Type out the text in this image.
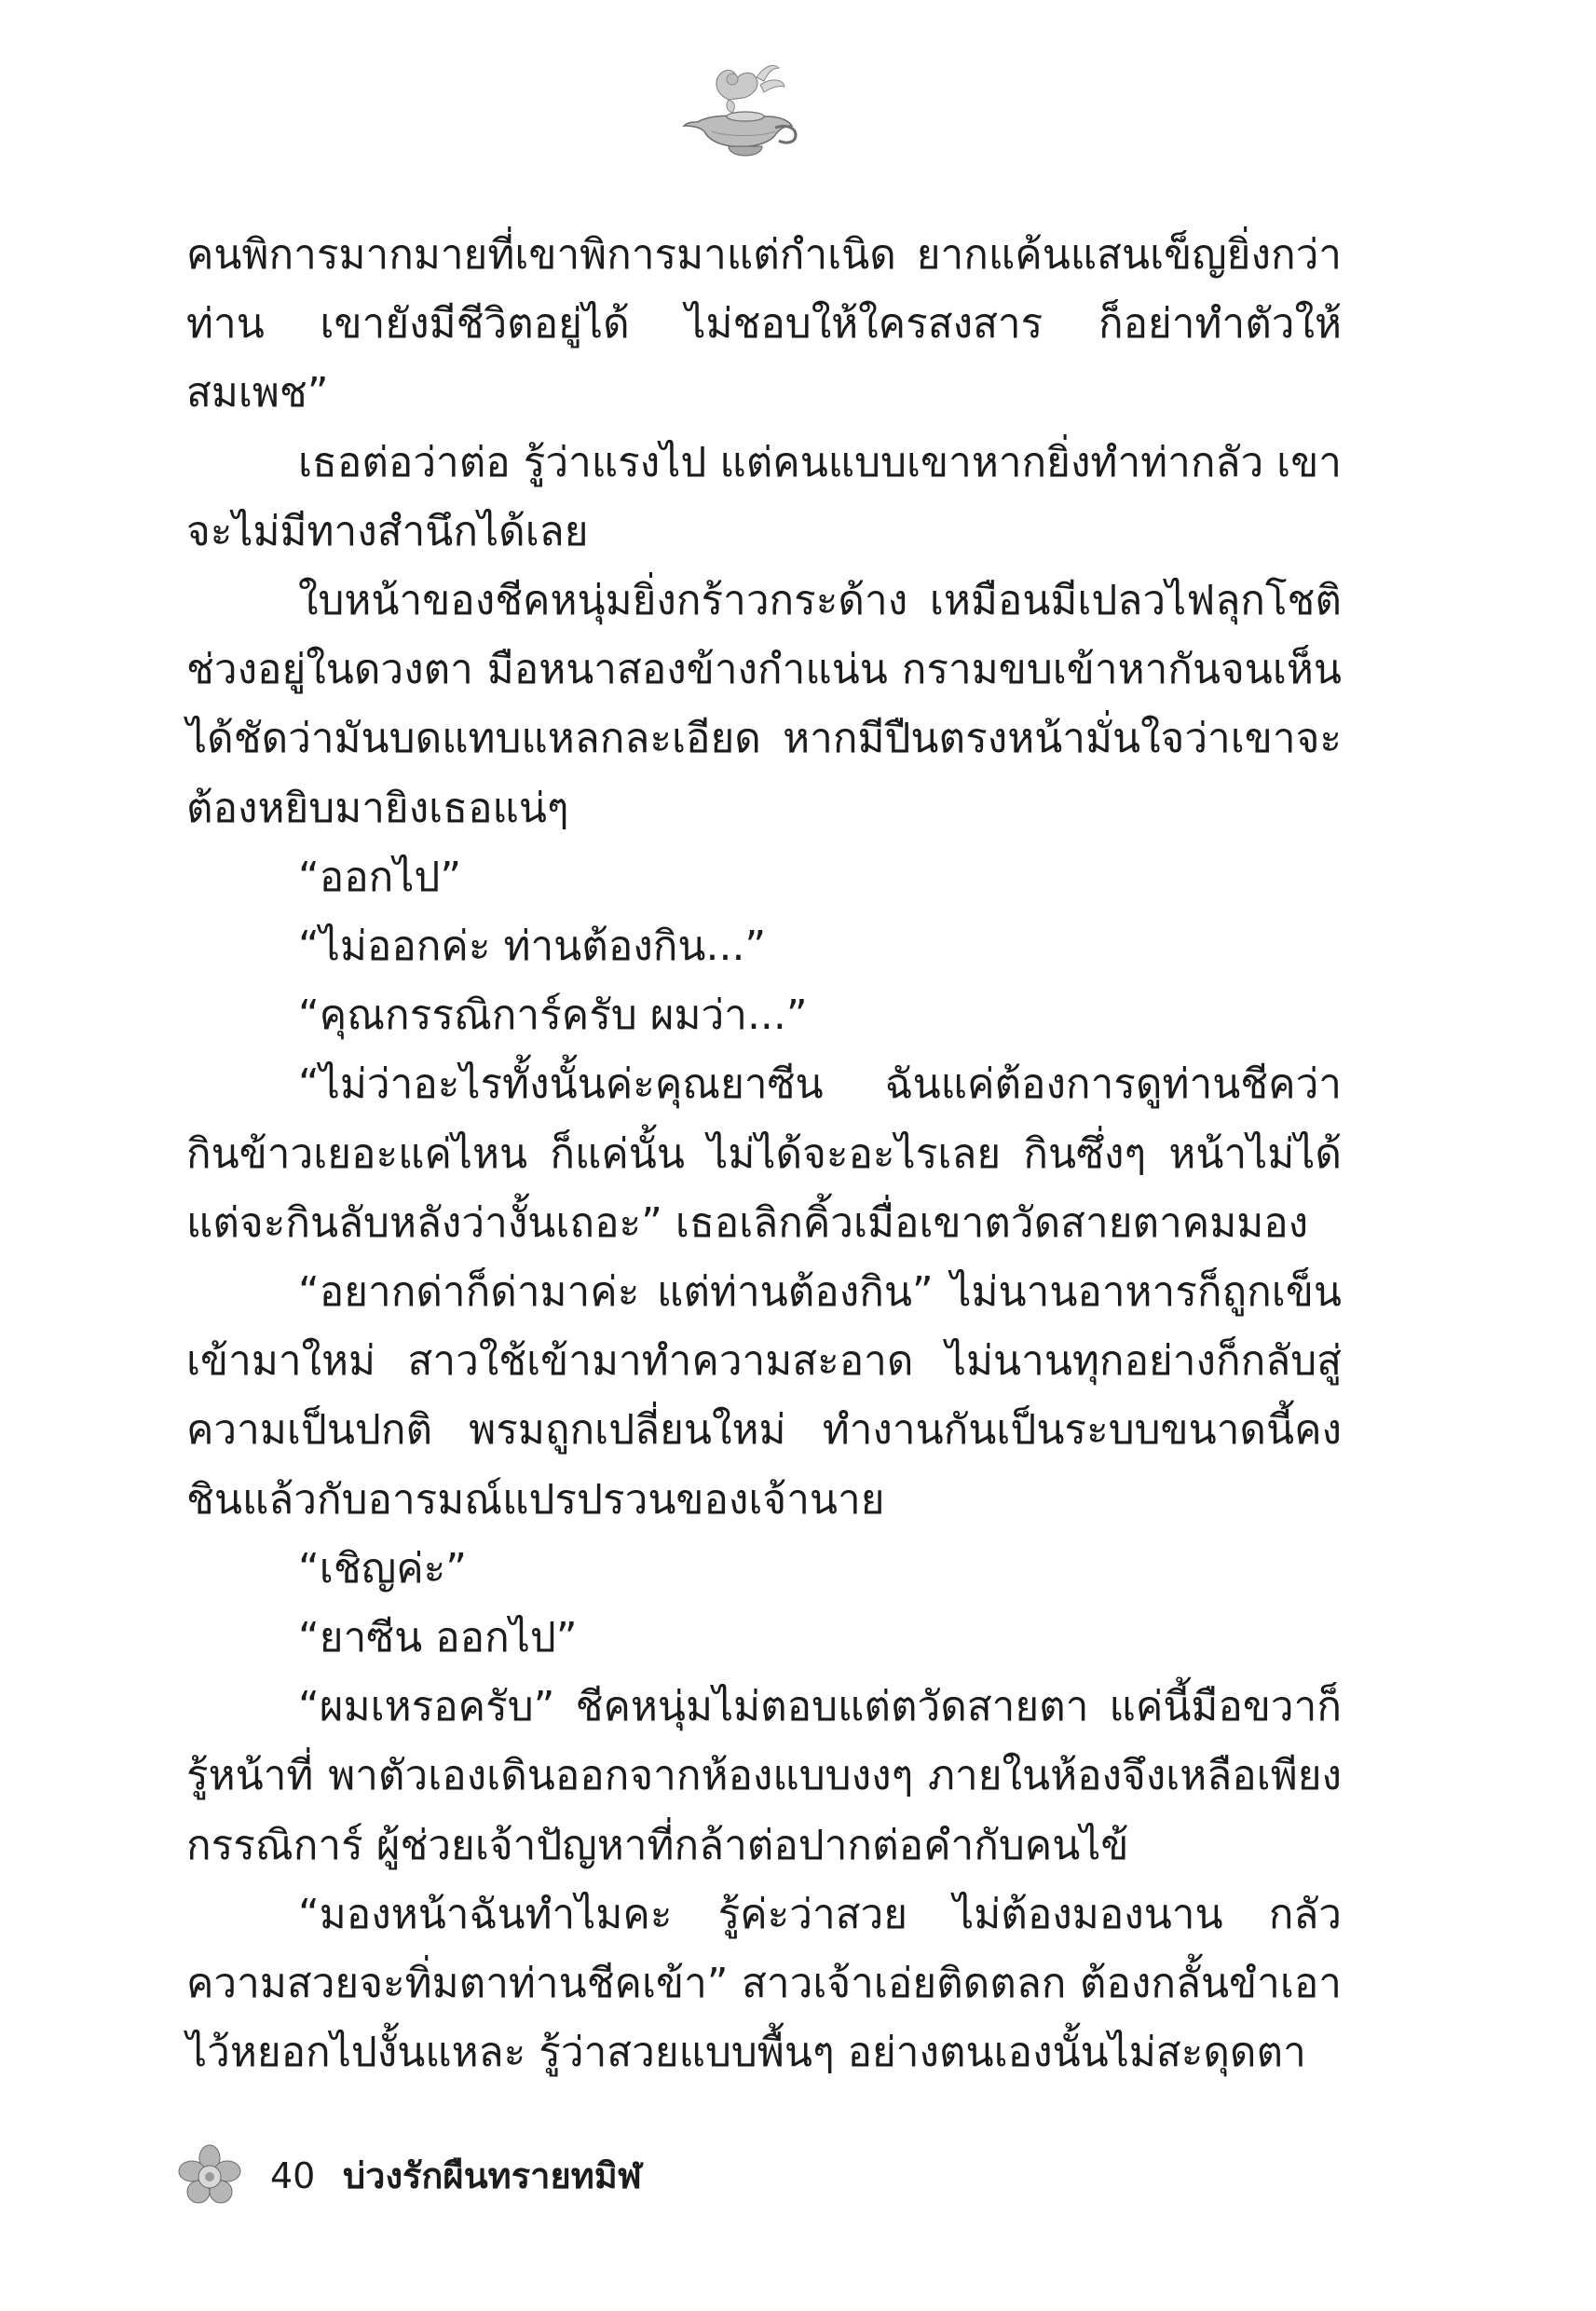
คนพิการมากมายที่เขาพิการมาแต่กำเนิด ยากแค้นแสนเข็ญยิ่งกว่าท่าน เขายังมีชีวิตอยู่ได้ ไม่ชอบให้ใครสงสาร ก็อย่าทำตัวให้สมเพช”

เธอต่อว่าต่อ รู้ว่าแรงไป แต่คนแบบเขาหากยิ่งทำท่ากลัว เขาจะไม่มีทางสำนึกได้เลย

ใบหน้าของชีคหนุ่มยิ่งกร้าวกระด้าง เหมือนมีเปลวไฟลุกโชติช่วงอยู่ในดวงตา มือหนาสองข้างกำแน่น กรามขบเข้าหากันจนเห็นได้ชัดว่ามันบดแทบแหลกละเอียด หากมีปืนตรงหน้ามั่นใจว่าเขาจะต้องหยิบมายิงเธอแน่ๆ

“ออกไป”

“ไม่ออกค่ะ ท่านต้องกิน...”

“คุณกรรณิการ์ครับ ผมว่า...”

“ไม่ว่าอะไรทั้งนั้นค่ะคุณยาซีน ฉันแค่ต้องการดูท่านชีคว่ากินข้าวเยอะแค่ไหน ก็แค่นั้น ไม่ได้จะอะไรเลย กินซึ่งๆ หน้าไม่ได้แต่จะกินลับหลังว่างั้นเถอะ” เธอเลิกคิ้วเมื่อเขาตวัดสายตาคมมอง

“อยากด่าก็ด่ามาค่ะ แต่ท่านต้องกิน” ไม่นานอาหารก็ถูกเข็นเข้ามาใหม่ สาวใช้เข้ามาทำความสะอาด ไม่นานทุกอย่างก็กลับสู่ความเป็นปกติ พรมถูกเปลี่ยนใหม่ ทำงานกันเป็นระบบขนาดนี้คงชินแล้วกับอารมณ์แปรปรวนของเจ้านาย

“เชิญค่ะ”

“ยาซีน ออกไป”

“ผมเหรอครับ” ชีคหนุ่มไม่ตอบแต่ตวัดสายตา แค่นี้มือขวาก็รู้หน้าที่ พาตัวเองเดินออกจากห้องแบบงงๆ ภายในห้องจึงเหลือเพียงกรรณิการ์ ผู้ช่วยเจ้าปัญหาที่กล้าต่อปากต่อคำกับคนไข้

“มองหน้าฉันทำไมคะ รู้ค่ะว่าสวย ไม่ต้องมองนาน กลัวความสวยจะทิ่มตาท่านชีคเข้า” สาวเจ้าเอ่ยติดตลก ต้องกลั้นขำเอาไว้หยอกไปงั้นแหละ รู้ว่าสวยแบบพื้นๆ อย่างตนเองนั้นไม่สะดุดตา

40 บ่วงรักผืนทรายทมิฬ
